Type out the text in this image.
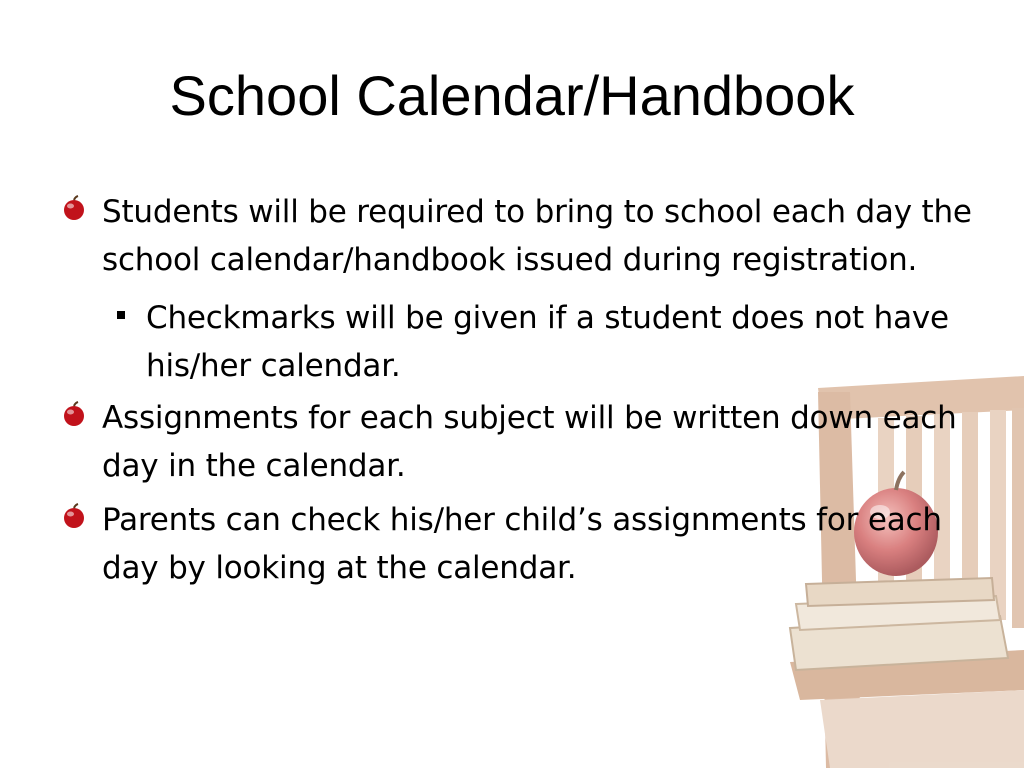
School Calendar/Handbook
Students will be required to bring to school each day the school calendar/handbook issued during registration.
Checkmarks will be given if a student does not have his/her calendar.
Assignments for each subject will be written down each day in the calendar.
Parents can check his/her child’s assignments for each day by looking at the calendar.
